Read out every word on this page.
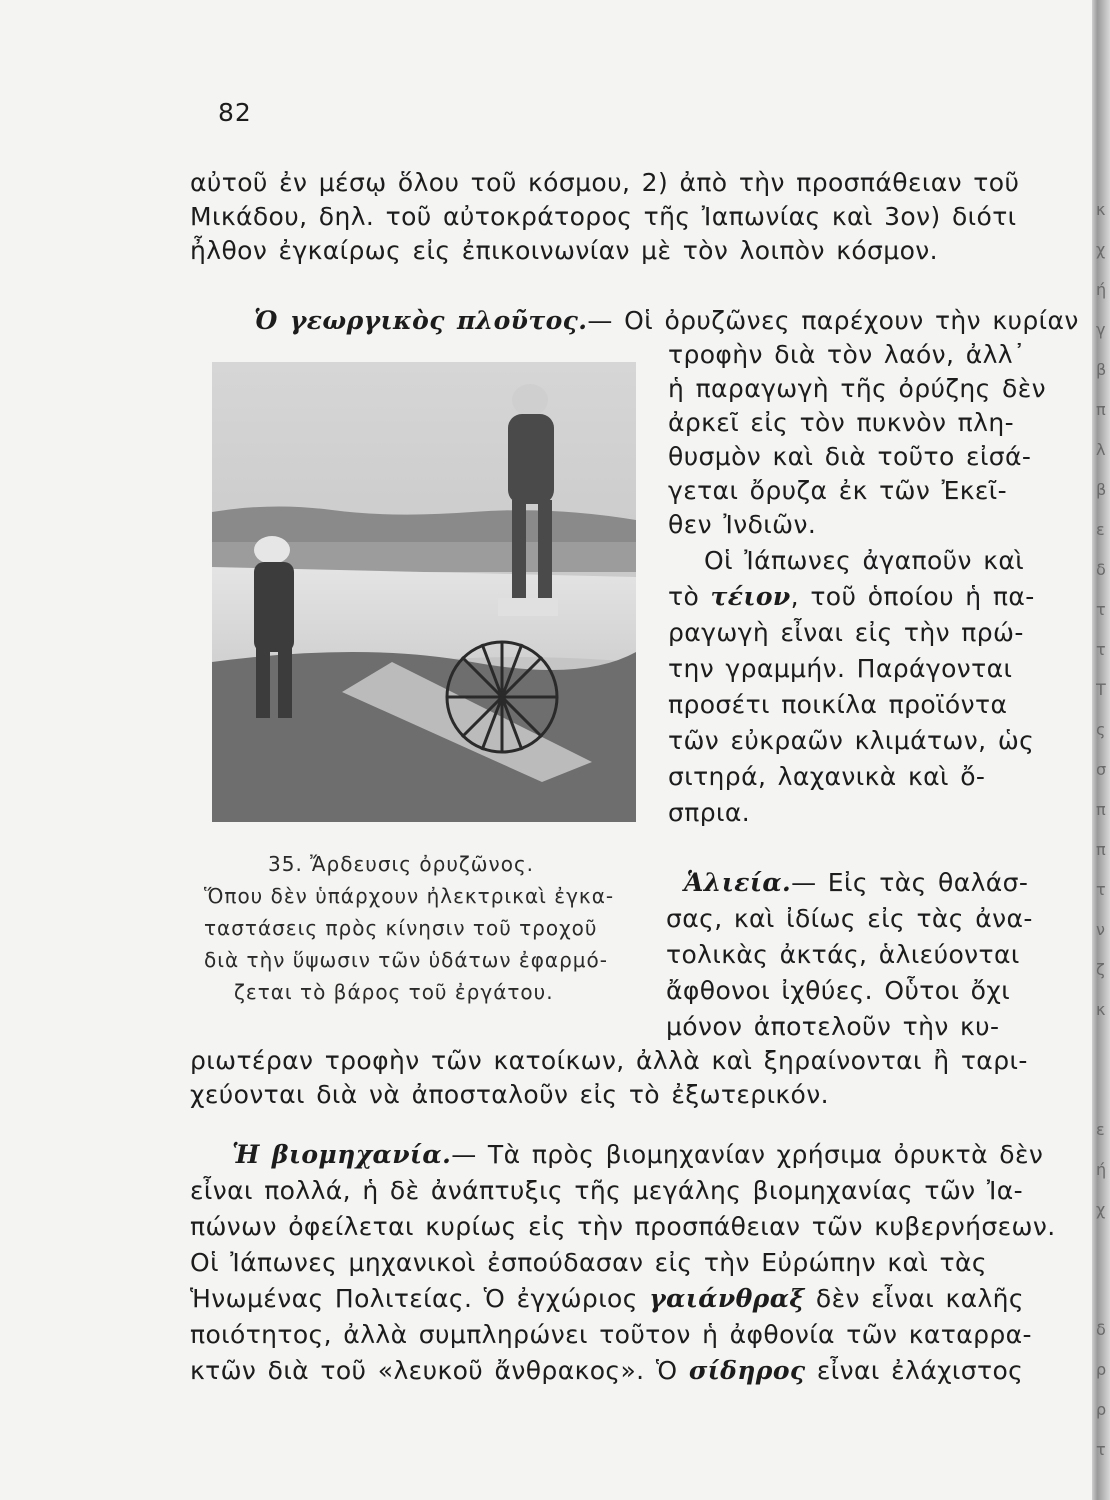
κ
χ
ή
γ
β
π
λ
β
ε
δ
τ
τ
Τ
ς
σ
π
π
τ
ν
ζ
κ
ε
ή
χ
δ
ρ
ρ
τ
82
αὐτοῦ ἐν μέσῳ ὅλου τοῦ κόσμου, 2) ἀπὸ τὴν προσπάθειαν τοῦ
Μικάδου, δηλ. τοῦ αὐτοκράτορος τῆς Ἰαπωνίας καὶ 3ον) διότι
ἦλθον ἐγκαίρως εἰς ἐπικοινωνίαν μὲ τὸν λοιπὸν κόσμον.
Ὁ γεωργικὸς πλοῦτος.— Οἱ ὀρυζῶνες παρέχουν τὴν κυρίαν
τροφὴν διὰ τὸν λαόν, ἀλλ᾽
ἡ παραγωγὴ τῆς ὀρύζης δὲν
ἀρκεῖ εἰς τὸν πυκνὸν πλη-
θυσμὸν καὶ διὰ τοῦτο εἰσά-
γεται ὄρυζα ἐκ τῶν Ἐκεῖ-
θεν Ἰνδιῶν.
Οἱ Ἰάπωνες ἀγαποῦν καὶ
τὸ τέιον, τοῦ ὁποίου ἡ πα-
ραγωγὴ εἶναι εἰς τὴν πρώ-
την γραμμήν. Παράγονται
προσέτι ποικίλα προϊόντα
τῶν εὐκραῶν κλιμάτων, ὡς
σιτηρά, λαχανικὰ καὶ ὄ-
σπρια.
35. Ἄρδευσις ὀρυζῶνος.
Ὅπου δὲν ὑπάρχουν ἠλεκτρικαὶ ἐγκα-
ταστάσεις πρὸς κίνησιν τοῦ τροχοῦ
διὰ τὴν ὕψωσιν τῶν ὑδάτων ἐφαρμό-
ζεται τὸ βάρος τοῦ ἐργάτου.
Ἁλιεία.— Εἰς τὰς θαλάσ-
σας, καὶ ἰδίως εἰς τὰς ἀνα-
τολικὰς ἀκτάς, ἁλιεύονται
ἄφθονοι ἰχθύες. Οὗτοι ὄχι
μόνον ἀποτελοῦν τὴν κυ-
ριωτέραν τροφὴν τῶν κατοίκων, ἀλλὰ καὶ ξηραίνονται ἢ ταρι-
χεύονται διὰ νὰ ἀποσταλοῦν εἰς τὸ ἐξωτερικόν.
Ἡ βιομηχανία.— Τὰ πρὸς βιομηχανίαν χρήσιμα ὀρυκτὰ δὲν
εἶναι πολλά, ἡ δὲ ἀνάπτυξις τῆς μεγάλης βιομηχανίας τῶν Ἰα-
πώνων ὀφείλεται κυρίως εἰς τὴν προσπάθειαν τῶν κυβερνήσεων.
Οἱ Ἰάπωνες μηχανικοὶ ἐσπούδασαν εἰς τὴν Εὐρώπην καὶ τὰς
Ἡνωμένας Πολιτείας. Ὁ ἐγχώριος γαιάνθραξ δὲν εἶναι καλῆς
ποιότητος, ἀλλὰ συμπληρώνει τοῦτον ἡ ἀφθονία τῶν καταρρα-
κτῶν διὰ τοῦ «λευκοῦ ἄνθρακος». Ὁ σίδηρος εἶναι ἐλάχιστος
